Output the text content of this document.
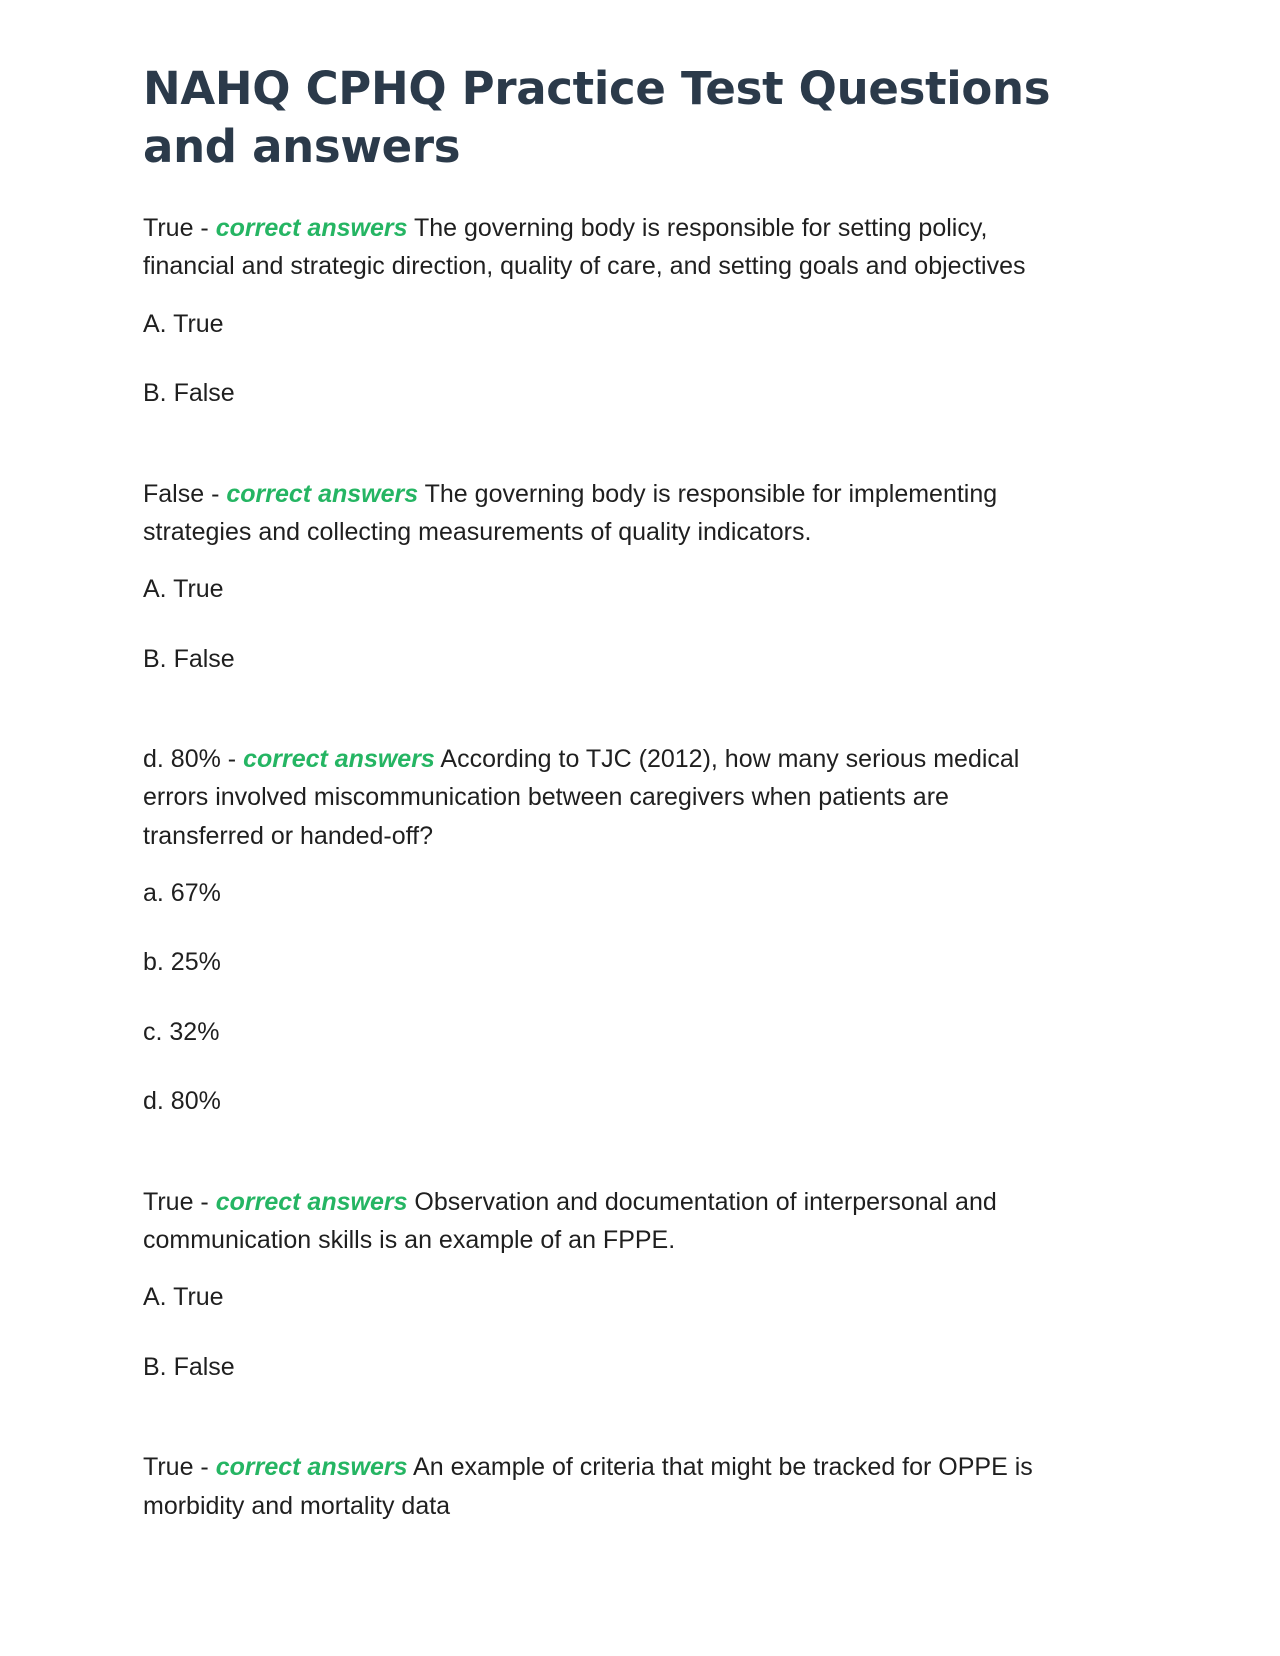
NAHQ CPHQ Practice Test Questions and answers

True - correct answers The governing body is responsible for setting policy, financial and strategic direction, quality of care, and setting goals and objectives

A. True

B. False

False - correct answers The governing body is responsible for implementing strategies and collecting measurements of quality indicators.

A. True

B. False

d. 80% - correct answers According to TJC (2012), how many serious medical errors involved miscommunication between caregivers when patients are transferred or handed-off?

a. 67%

b. 25%

c. 32%

d. 80%

True - correct answers Observation and documentation of interpersonal and communication skills is an example of an FPPE.

A. True

B. False

True - correct answers An example of criteria that might be tracked for OPPE is morbidity and mortality data
